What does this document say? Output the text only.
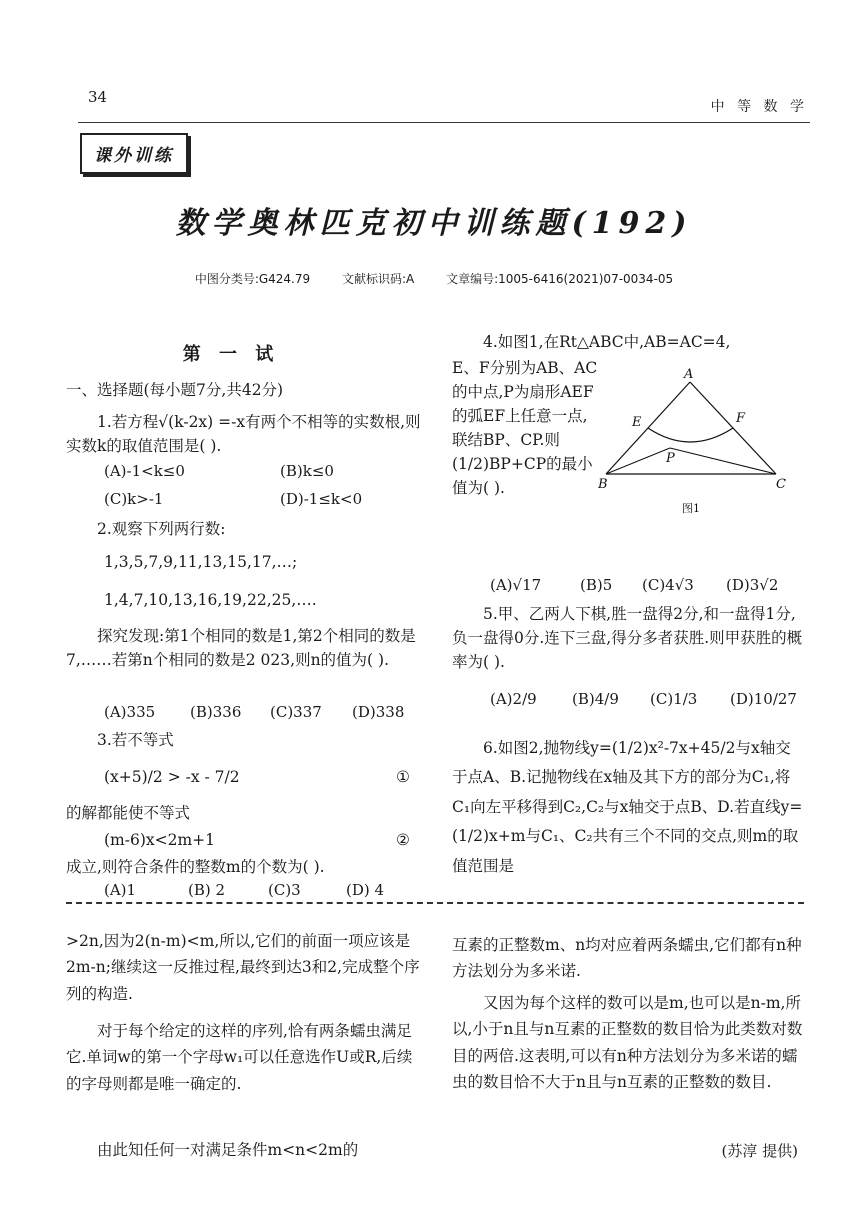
34
中 等 数 学
课外训练
数学奥林匹克初中训练题(192)
中图分类号:G424.79	文献标识码:A	文章编号:1005-6416(2021)07-0034-05
第 一 试
一、选择题(每小题7分,共42分)
1.若方程√(k-2x) =-x有两个不相等的实数根,则实数k的取值范围是( ).
(A)-1<k≤0	(B)k≤0
(C)k>-1	(D)-1≤k<0
2.观察下列两行数:
1,3,5,7,9,11,13,15,17,…;
1,4,7,10,13,16,19,22,25,….
探究发现:第1个相同的数是1,第2个相同的数是7,……若第n个相同的数是2 023,则n的值为( ).
(A)335 (B)336 (C)337 (D)338
3.若不等式
(x+5)/2 > -x - 7/2	①
的解都能使不等式
(m-6)x<2m+1	②
成立,则符合条件的整数m的个数为( ).
(A)1	(B) 2	(C)3	(D) 4
4.如图1,在Rt△ABC中,AB=AC=4,
E、F分别为AB、AC的中点,P为扇形AEF的弧EF上任意一点,联结BP、CP.则(1/2)BP+CP的最小值为( ).
A
E	F
P
B	C
图1
(A)√17	(B)5 (C)4√3 (D)3√2
5.甲、乙两人下棋,胜一盘得2分,和一盘得1分,负一盘得0分.连下三盘,得分多者获胜.则甲获胜的概率为( ).
(A)2/9 (B)4/9 (C)1/3 (D)10/27
6.如图2,抛物线y=(1/2)x²-7x+45/2与x轴交于点A、B.记抛物线在x轴及其下方的部分为C₁,将C₁向左平移得到C₂,C₂与x轴交于点B、D.若直线y=(1/2)x+m与C₁、C₂共有三个不同的交点,则m的取值范围是
>2n,因为2(n-m)<m,所以,它们的前面一项应该是2m-n;继续这一反推过程,最终到达3和2,完成整个序列的构造.
对于每个给定的这样的序列,恰有两条蠕虫满足它.单词w的第一个字母w₁可以任意选作U或R,后续的字母则都是唯一确定的.
由此知任何一对满足条件m<n<2m的
互素的正整数m、n均对应着两条蠕虫,它们都有n种方法划分为多米诺.
又因为每个这样的数可以是m,也可以是n-m,所以,小于n且与n互素的正整数的数目恰为此类数对数目的两倍.这表明,可以有n种方法划分为多米诺的蠕虫的数目恰不大于n且与n互素的正整数的数目.
(苏淳 提供)
